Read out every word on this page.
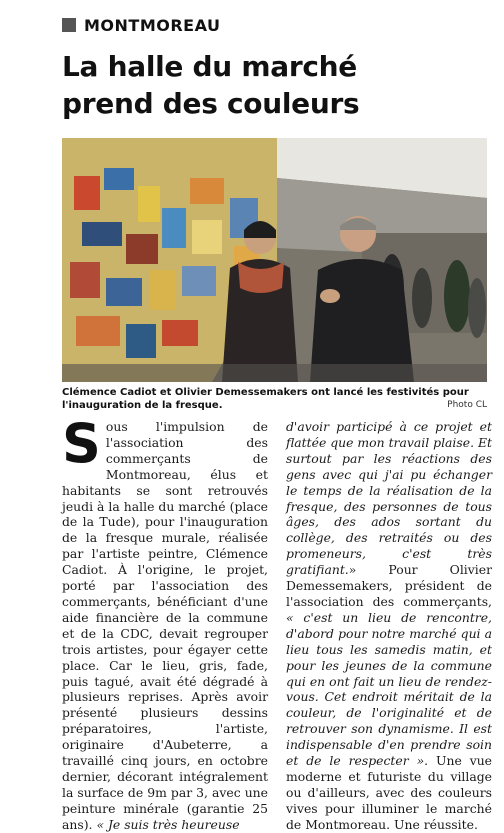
MONTMOREAU
La halle du marché
prend des couleurs
Clémence Cadiot et Olivier Demessemakers ont lancé les festivités pour l'inauguration de la fresque.	Photo CL

Sous l'impulsion de l'association des commerçants de Montmoreau, élus et habitants se sont retrouvés jeudi à la halle du marché (place de la Tude), pour l'inauguration de la fresque murale, réalisée par l'artiste peintre, Clémence Cadiot. À l'origine, le projet, porté par l'association des commerçants, bénéficiant d'une aide financière de la commune et de la CDC, devait regrouper trois artistes, pour égayer cette place. Car le lieu, gris, fade, puis tagué, avait été dégradé à plusieurs reprises. Après avoir présenté plusieurs dessins préparatoires, l'artiste, originaire d'Aubeterre, a travaillé cinq jours, en octobre dernier, décorant intégralement la surface de 9m par 3, avec une peinture minérale (garantie 25 ans). « Je suis très heureuse

d'avoir participé à ce projet et flattée que mon travail plaise. Et surtout par les réactions des gens avec qui j'ai pu échanger le temps de la réalisation de la fresque, des personnes de tous âges, des ados sortant du collège, des retraités ou des promeneurs, c'est très gratifiant.» Pour Olivier Demessemakers, président de l'association des commerçants, « c'est un lieu de rencontre, d'abord pour notre marché qui a lieu tous les samedis matin, et pour les jeunes de la commune qui en ont fait un lieu de rendez-vous. Cet endroit méritait de la couleur, de l'originalité et de retrouver son dynamisme. Il est indispensable d'en prendre soin et de le respecter ». Une vue moderne et futuriste du village ou d'ailleurs, avec des couleurs vives pour illuminer le marché de Montmoreau. Une réussite.
